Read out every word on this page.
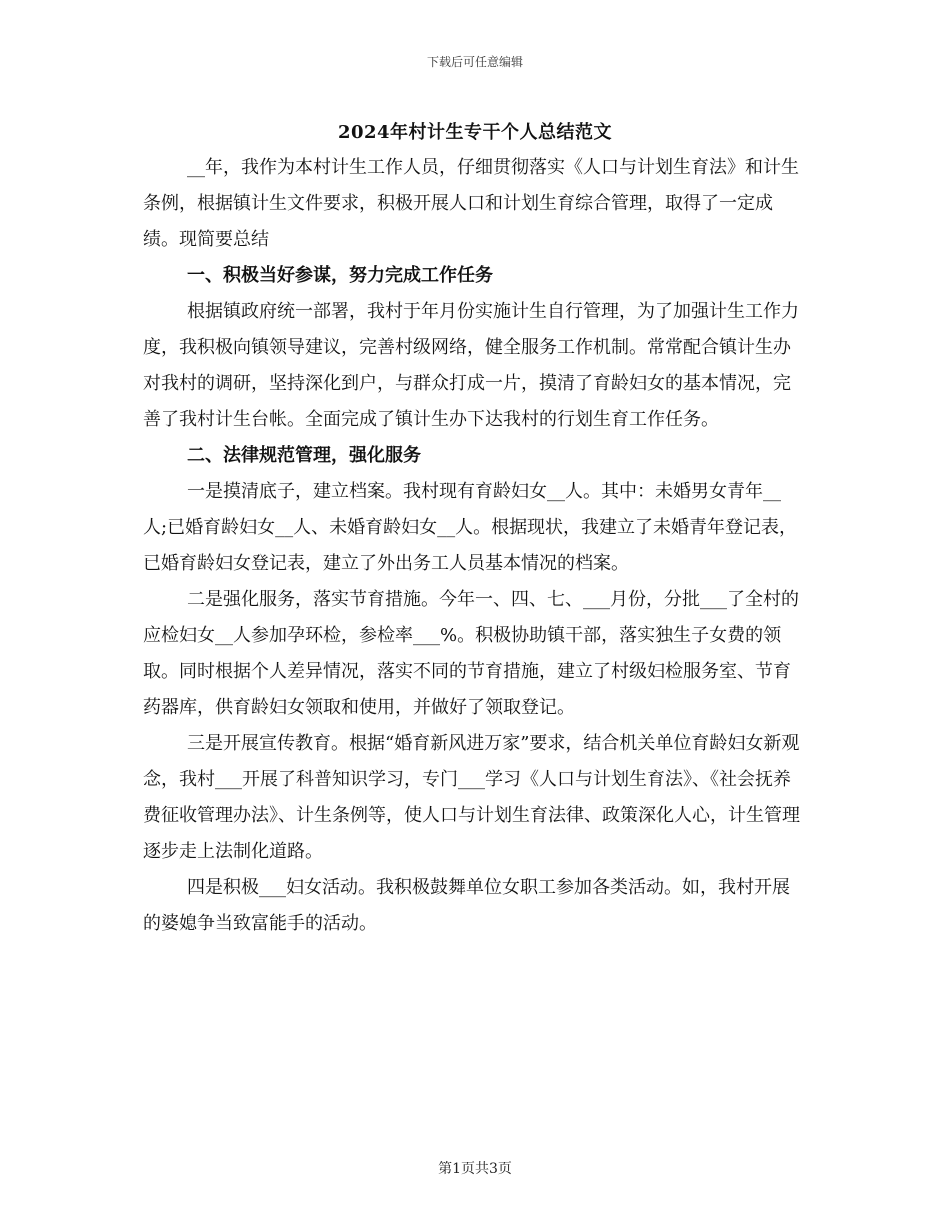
下载后可任意编辑
2024年村计生专干个人总结范文

__年，我作为本村计生工作人员，仔细贯彻落实《人口与计划生育法》和计生条例，根据镇计生文件要求，积极开展人口和计划生育综合管理，取得了一定成绩。现简要总结

一、积极当好参谋，努力完成工作任务

根据镇政府统一部署，我村于年月份实施计生自行管理，为了加强计生工作力度，我积极向镇领导建议，完善村级网络，健全服务工作机制。常常配合镇计生办对我村的调研，坚持深化到户，与群众打成一片，摸清了育龄妇女的基本情况，完善了我村计生台帐。全面完成了镇计生办下达我村的行划生育工作任务。

二、法律规范管理，强化服务

一是摸清底子，建立档案。我村现有育龄妇女__人。其中：未婚男女青年__人;已婚育龄妇女__人、未婚育龄妇女__人。根据现状，我建立了未婚青年登记表，已婚育龄妇女登记表，建立了外出务工人员基本情况的档案。

二是强化服务，落实节育措施。今年一、四、七、___月份，分批___了全村的应检妇女__人参加孕环检，参检率___%。积极协助镇干部，落实独生子女费的领取。同时根据个人差异情况，落实不同的节育措施，建立了村级妇检服务室、节育药器库，供育龄妇女领取和使用，并做好了领取登记。

三是开展宣传教育。根据“婚育新风进万家”要求，结合机关单位育龄妇女新观念，我村___开展了科普知识学习，专门___学习《人口与计划生育法》、《社会抚养费征收管理办法》、计生条例等，使人口与计划生育法律、政策深化人心，计生管理逐步走上法制化道路。

四是积极___妇女活动。我积极鼓舞单位女职工参加各类活动。如，我村开展的婆媳争当致富能手的活动。

第1页共3页
